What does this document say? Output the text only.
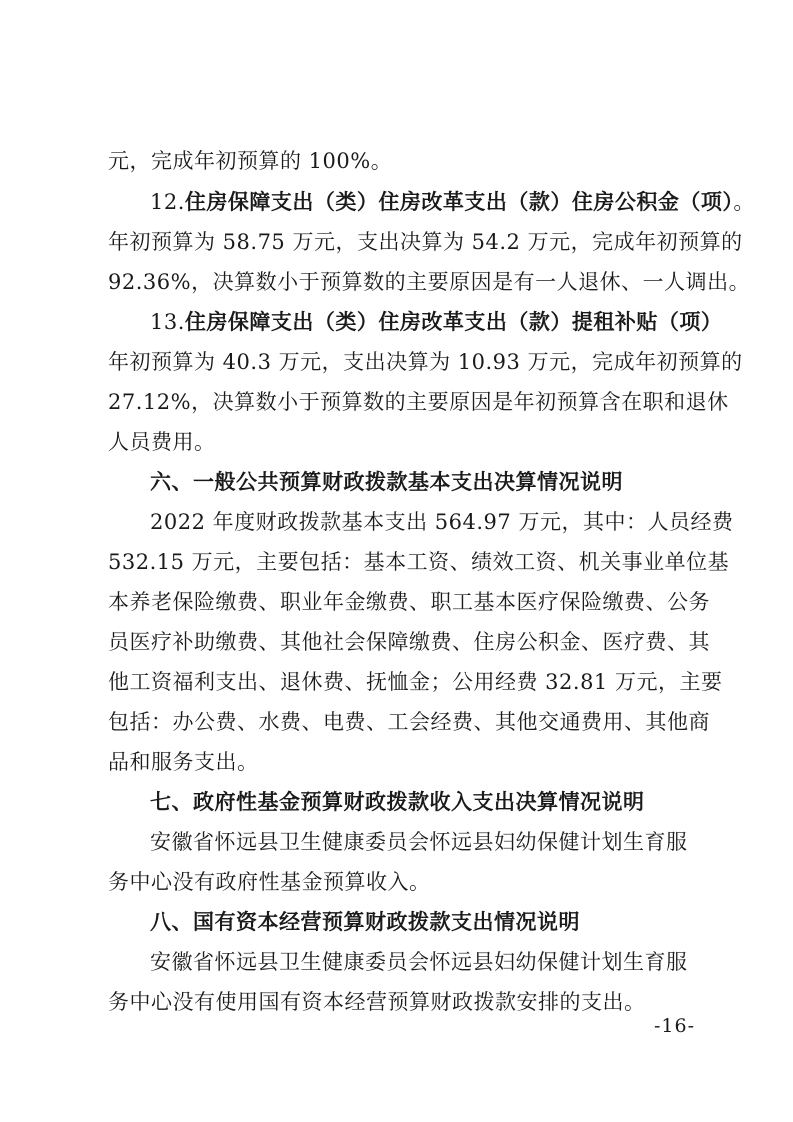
元，完成年初预算的 100%。
12.住房保障支出（类）住房改革支出（款）住房公积金（项）。
年初预算为 58.75 万元，支出决算为 54.2 万元，完成年初预算的
92.36%，决算数小于预算数的主要原因是有一人退休、一人调出。
13.住房保障支出（类）住房改革支出（款）提租补贴（项）
年初预算为 40.3 万元，支出决算为 10.93 万元，完成年初预算的
27.12%，决算数小于预算数的主要原因是年初预算含在职和退休
人员费用。
六、一般公共预算财政拨款基本支出决算情况说明
2022 年度财政拨款基本支出 564.97 万元，其中：人员经费
532.15 万元，主要包括：基本工资、绩效工资、机关事业单位基
本养老保险缴费、职业年金缴费、职工基本医疗保险缴费、公务
员医疗补助缴费、其他社会保障缴费、住房公积金、医疗费、其
他工资福利支出、退休费、抚恤金；公用经费 32.81 万元，主要
包括：办公费、水费、电费、工会经费、其他交通费用、其他商
品和服务支出。
七、政府性基金预算财政拨款收入支出决算情况说明
安徽省怀远县卫生健康委员会怀远县妇幼保健计划生育服
务中心没有政府性基金预算收入。
八、国有资本经营预算财政拨款支出情况说明
安徽省怀远县卫生健康委员会怀远县妇幼保健计划生育服
务中心没有使用国有资本经营预算财政拨款安排的支出。
-16-
